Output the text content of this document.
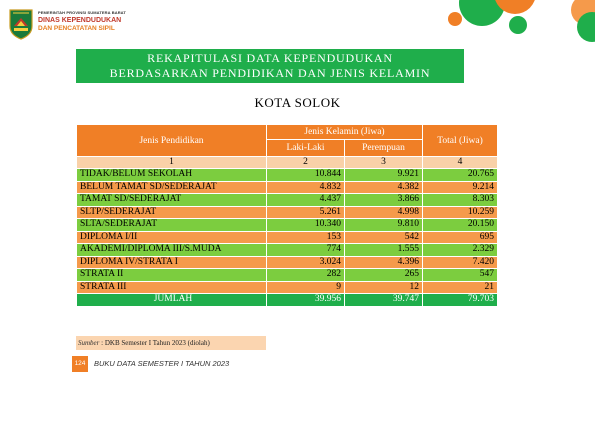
PEMERINTAH PROVINSI SUMATERA BARAT
DINAS KEPENDUDUKAN
DAN PENCATATAN SIPIL
REKAPITULASI DATA KEPENDUDUKAN
BERDASARKAN PENDIDIKAN DAN JENIS KELAMIN
KOTA SOLOK
Jenis Pendidikan	Jenis Kelamin (Jiwa)		Total (Jiwa)
	Laki-Laki	Perempuan	
1	2	3	4
TIDAK/BELUM SEKOLAH	10.844	9.921	20.765
BELUM TAMAT SD/SEDERAJAT	4.832	4.382	9.214
TAMAT SD/SEDERAJAT	4.437	3.866	8.303
SLTP/SEDERAJAT	5.261	4.998	10.259
SLTA/SEDERAJAT	10.340	9.810	20.150
DIPLOMA I/II	153	542	695
AKADEMI/DIPLOMA III/S.MUDA	774	1.555	2.329
DIPLOMA IV/STRATA I	3.024	4.396	7.420
STRATA II	282	265	547
STRATA III	9	12	21
JUMLAH	39.956	39.747	79.703
Sumber : DKB Semester I Tahun 2023 (diolah)
124	BUKU DATA SEMESTER I TAHUN 2023
